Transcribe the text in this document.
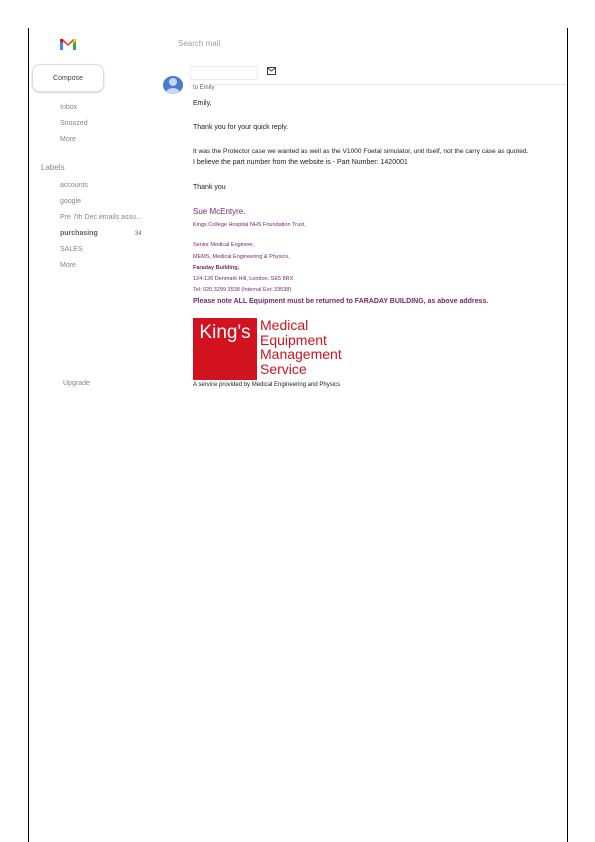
Search mail
Compose
Inbox
Snoozed
More
Labels
accounts
google
Pre 7th Dec emails assu...
purchasing	34
SALES
More
Upgrade
to Emily
Emily,
Thank you for your quick reply.
It was the Protector case we wanted as well as the V1000 Foetal simulator, unit itself, not the carry case as quoted.
I believe the part number from the website is - Part Number: 1420001
Thank you
Sue McEntyre.
Kings College Hospital NHS Foundation Trust,
Senior Medical Engineer,
MEMS, Medical Engineering & Physics,
Faraday Building,
124-126 Denmark Hill, London. SE5 8RX
Tel: 020 3299 3538 (Internal Ext: 33538)
Please note ALL Equipment must be returned to FARADAY BUILDING, as above address.
King's Medical
Equipment
Management
Service
A service provided by Medical Engineering and Physics
